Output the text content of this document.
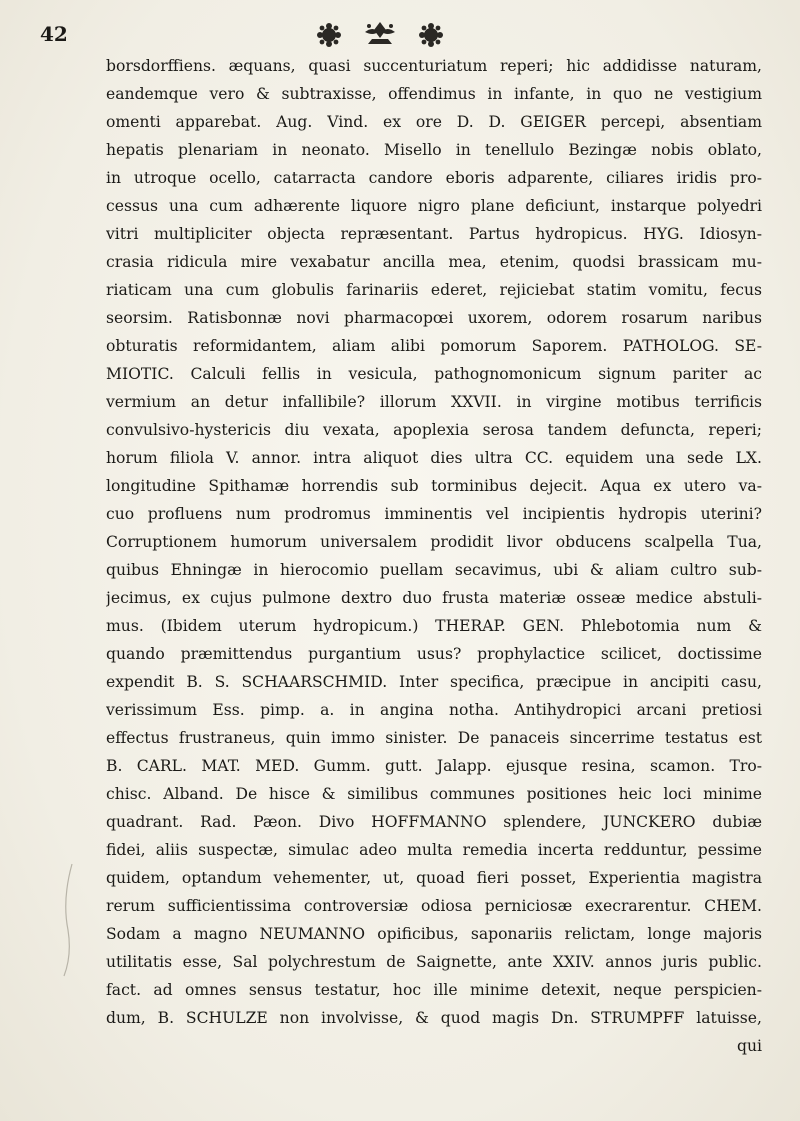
42
borsdorffiens. æquans, quasi succenturiatum reperi; hic addidisse naturam,
eandemque vero & subtraxisse, offendimus in infante, in quo ne vestigium
omenti apparebat. Aug. Vind. ex ore D. D. GEIGER percepi, absentiam
hepatis plenariam in neonato. Misello in tenellulo Bezingæ nobis oblato,
in utroque ocello, catarracta candore eboris adparente, ciliares iridis pro-
cessus una cum adhærente liquore nigro plane deficiunt, instarque polyedri
vitri multipliciter objecta repræsentant. Partus hydropicus. HYG. Idiosyn-
crasia ridicula mire vexabatur ancilla mea, etenim, quodsi brassicam mu-
riaticam una cum globulis farinariis ederet, rejiciebat statim vomitu, fecus
seorsim. Ratisbonnæ novi pharmacopœi uxorem, odorem rosarum naribus
obturatis reformidantem, aliam alibi pomorum Saporem. PATHOLOG. SE-
MIOTIC. Calculi fellis in vesicula, pathognomonicum signum pariter ac
vermium an detur infallibile? illorum XXVII. in virgine motibus terrificis
convulsivo-hystericis diu vexata, apoplexia serosa tandem defuncta, reperi;
horum filiola V. annor. intra aliquot dies ultra CC. equidem una sede LX.
longitudine Spithamæ horrendis sub torminibus dejecit. Aqua ex utero va-
cuo profluens num prodromus imminentis vel incipientis hydropis uterini?
Corruptionem humorum universalem prodidit livor obducens scalpella Tua,
quibus Ehningæ in hierocomio puellam secavimus, ubi & aliam cultro sub-
jecimus, ex cujus pulmone dextro duo frusta materiæ osseæ medice abstuli-
mus. (Ibidem uterum hydropicum.) THERAP. GEN. Phlebotomia num &
quando præmittendus purgantium usus? prophylactice scilicet, doctissime
expendit B. S. SCHAARSCHMID. Inter specifica, præcipue in ancipiti casu,
verissimum Ess. pimp. a. in angina notha. Antihydropici arcani pretiosi
effectus frustraneus, quin immo sinister. De panaceis sincerrime testatus est
B. CARL. MAT. MED. Gumm. gutt. Jalapp. ejusque resina, scamon. Tro-
chisc. Alband. De hisce & similibus communes positiones heic loci minime
quadrant. Rad. Pæon. Divo HOFFMANNO splendere, JUNCKERO dubiæ
fidei, aliis suspectæ, simulac adeo multa remedia incerta redduntur, pessime
quidem, optandum vehementer, ut, quoad fieri posset, Experientia magistra
rerum sufficientissima controversiæ odiosa perniciosæ execrarentur. CHEM.
Sodam a magno NEUMANNO opificibus, saponariis relictam, longe majoris
utilitatis esse, Sal polychrestum de Saignette, ante XXIV. annos juris public.
fact. ad omnes sensus testatur, hoc ille minime detexit, neque perspicien-
dum, B. SCHULZE non involvisse, & quod magis Dn. STRUMPFF latuisse,
qui
